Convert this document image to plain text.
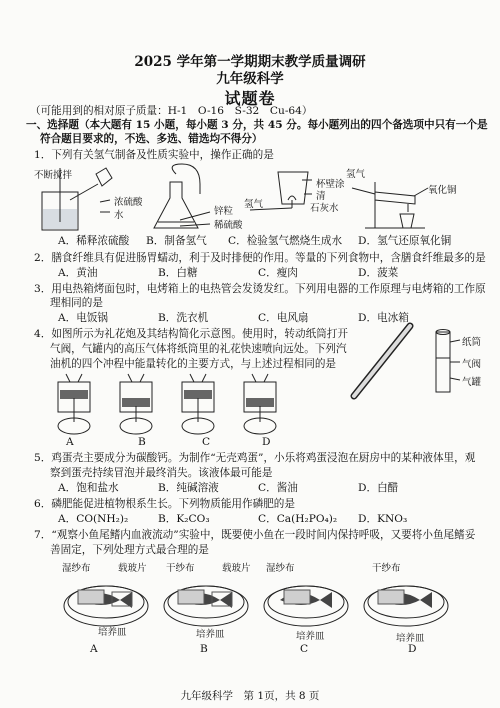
2025 学年第一学期期末教学质量调研
九年级科学
试题卷
（可能用到的相对原子质量：H-1　O-16　S-32　Cu-64）
一、选择题（本大题有 15 小题，每小题 3 分，共 45 分。每小题列出的四个备选项中只有一个是
符合题目要求的，不选、多选、错选均不得分）
1．下列有关氢气制备及性质实验中，操作正确的是
不断搅拌
浓硫酸
水	锌粒
稀硫酸
氢气
杯壁涂
清
石灰水
氢气
氧化铜
A．稀释浓硫酸 B．制备氢气 C．检验氢气燃烧生成水 D．氢气还原氧化铜
2．膳食纤维具有促进肠胃蠕动，利于及时排便的作用。等量的下列食物中，含膳食纤维最多的是
A．黄油	B．白糖	C．瘦肉	D．菠菜
3．用电热箱烤面包时，电烤箱上的电热管会发烫发红。下列用电器的工作原理与电烤箱的工作原
理相同的是
A．电饭锅	B．洗衣机	C．电风扇	D．电冰箱
4．如图所示为礼花炮及其结构简化示意图。使用时，转动纸筒打开
气阀，气罐内的高压气体将纸筒里的礼花快速喷向远处。下列汽
油机的四个冲程中能量转化的主要方式，与上述过程相同的是
纸筒
气阀
气罐
A	B	C	D
5．鸡蛋壳主要成分为碳酸钙。为制作“无壳鸡蛋”，小乐将鸡蛋浸泡在厨房中的某种液体里，观
察到蛋壳持续冒泡并最终消失。该液体最可能是
A．饱和盐水	B．纯碱溶液	C．酱油	D．白醋
6．磷肥能促进植物根系生长。下列物质能用作磷肥的是
A．CO(NH₂)₂	B．K₂CO₃	C．Ca(H₂PO₄)₂ D．KNO₃
7．“观察小鱼尾鳍内血液流动”实验中，既要使小鱼在一段时间内保持呼吸，又要将小鱼尾鳍妥
善固定，下列处理方式最合理的是
湿纱布	载玻片 干纱布	载玻片 湿纱布	干纱布
培养皿	培养皿	培养皿	培养皿
A	B	C	D
九年级科学　第 1页，共 8 页
